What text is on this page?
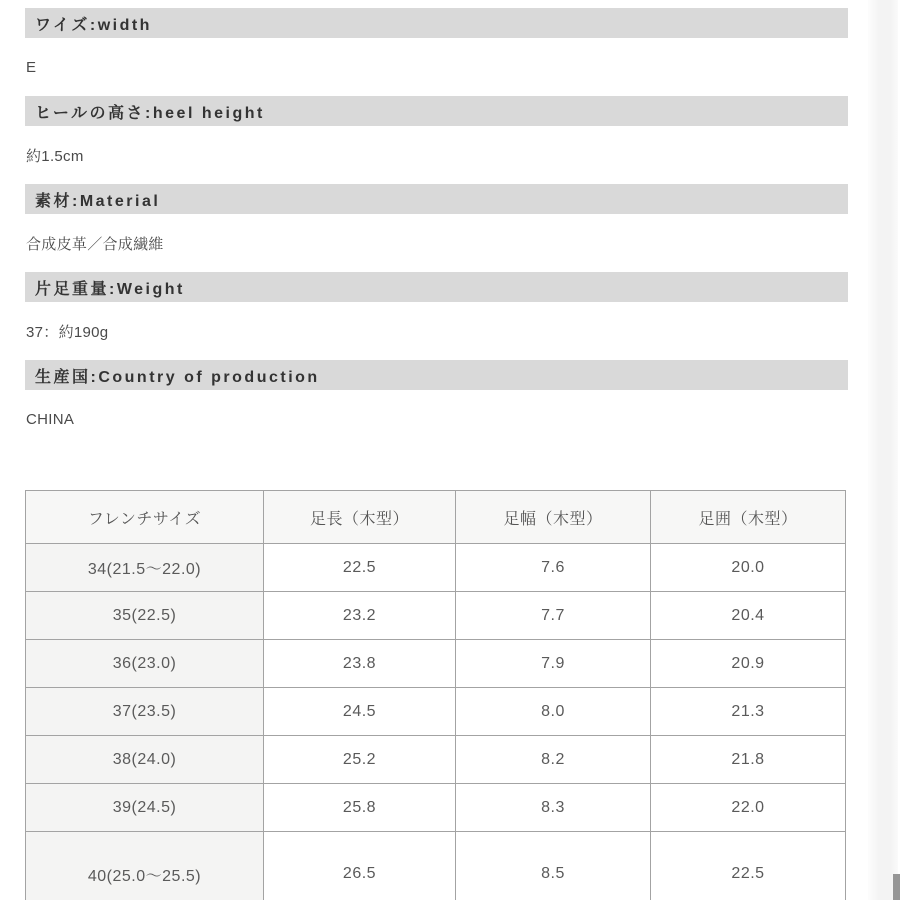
ワイズ:width

E

ヒールの高さ:heel height

約1.5cm

素材:Material

合成皮革／合成繊維

片足重量:Weight

37：約190g

生産国:Country of production

CHINA

フレンチサイズ	足長（木型）	足幅（木型）	足囲（木型）
34(21.5～22.0)	22.5	7.6	20.0
35(22.5)	23.2	7.7	20.4
36(23.0)	23.8	7.9	20.9
37(23.5)	24.5	8.0	21.3
38(24.0)	25.2	8.2	21.8
39(24.5)	25.8	8.3	22.0
40(25.0～25.5)	26.5	8.5	22.5
